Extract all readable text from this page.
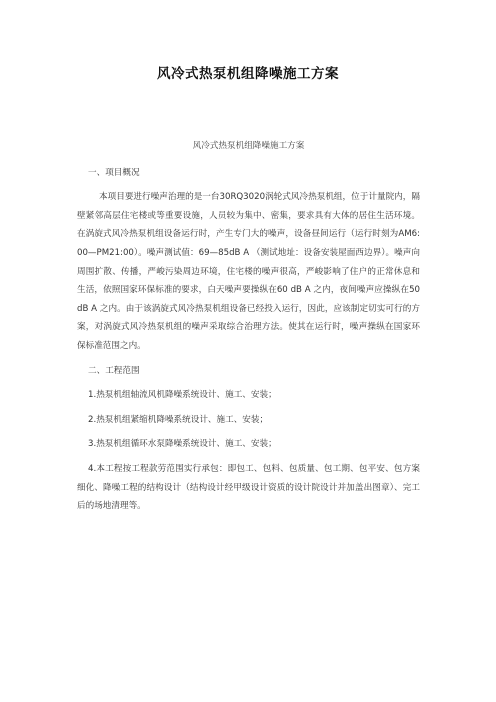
风冷式热泵机组降噪施工方案
风冷式热泵机组降噪施工方案
一、项目概况
本项目要进行噪声治理的是一台30RQ3020涡轮式风冷热泵机组，位于计量院内，隔壁紧邻高层住宅楼或等重要设施，人员较为集中、密集，要求具有大体的居住生活环境。在涡旋式风冷热泵机组设备运行时，产生专门大的噪声，设备昼间运行（运行时刻为AM6:00—PM21:00）。噪声测试值：69—85dB A （测试地址：设备安装屋面西边界）。噪声向周围扩散、传播，严峻污染周边环境，住宅楼的噪声很高，严峻影响了住户的正常休息和生活，依照国家环保标准的要求，白天噪声要操纵在60 dB A 之内，夜间噪声应操纵在50 dB A 之内。由于该涡旋式风冷热泵机组设备已经投入运行，因此，应该制定切实可行的方案，对涡旋式风冷热泵机组的噪声采取综合治理方法。使其在运行时，噪声操纵在国家环保标准范围之内。
二、工程范围
1.热泵机组轴流风机降噪系统设计、施工、安装；
2.热泵机组紧缩机降噪系统设计、施工、安装；
3.热泵机组循环水泵降噪系统设计、施工、安装；
4.本工程按工程款劳范围实行承包：即包工、包料、包质量、包工期、包平安、包方案细化、降噪工程的结构设计（结构设计经甲级设计资质的设计院设计并加盖出图章）、完工后的场地清理等。
